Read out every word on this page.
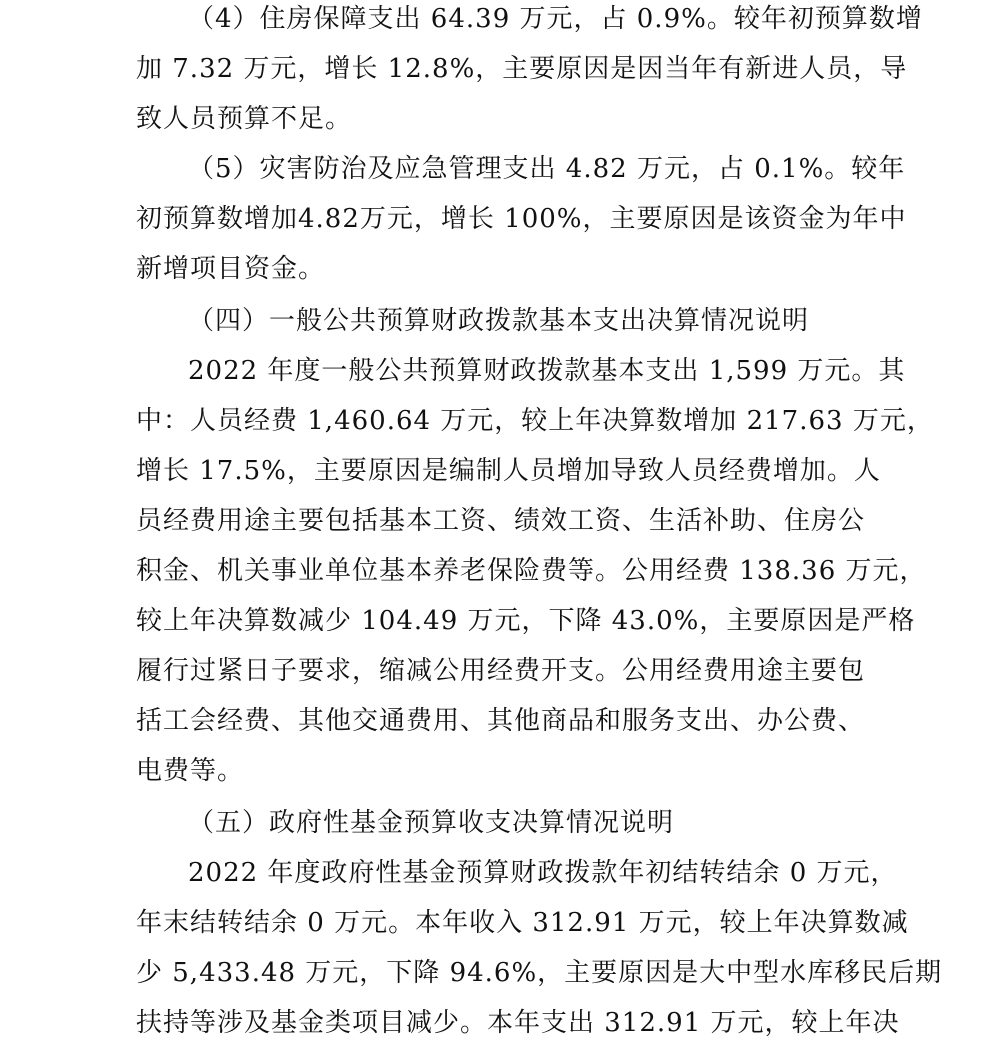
（4）住房保障支出 64.39 万元，占 0.9%。较年初预算数增
加 7.32 万元，增长 12.8%，主要原因是因当年有新进人员，导
致人员预算不足。
（5）灾害防治及应急管理支出 4.82 万元，占 0.1%。较年
初预算数增加4.82万元，增长 100%，主要原因是该资金为年中
新增项目资金。
（四）一般公共预算财政拨款基本支出决算情况说明
2022 年度一般公共预算财政拨款基本支出 1,599 万元。其
中：人员经费 1,460.64 万元，较上年决算数增加 217.63 万元，
增长 17.5%，主要原因是编制人员增加导致人员经费增加。人
员经费用途主要包括基本工资、绩效工资、生活补助、住房公
积金、机关事业单位基本养老保险费等。公用经费 138.36 万元，
较上年决算数减少 104.49 万元，下降 43.0%，主要原因是严格
履行过紧日子要求，缩减公用经费开支。公用经费用途主要包
括工会经费、其他交通费用、其他商品和服务支出、办公费、
电费等。
（五）政府性基金预算收支决算情况说明
2022 年度政府性基金预算财政拨款年初结转结余 0 万元，
年末结转结余 0 万元。本年收入 312.91 万元，较上年决算数减
少 5,433.48 万元，下降 94.6%，主要原因是大中型水库移民后期
扶持等涉及基金类项目减少。本年支出 312.91 万元，较上年决
